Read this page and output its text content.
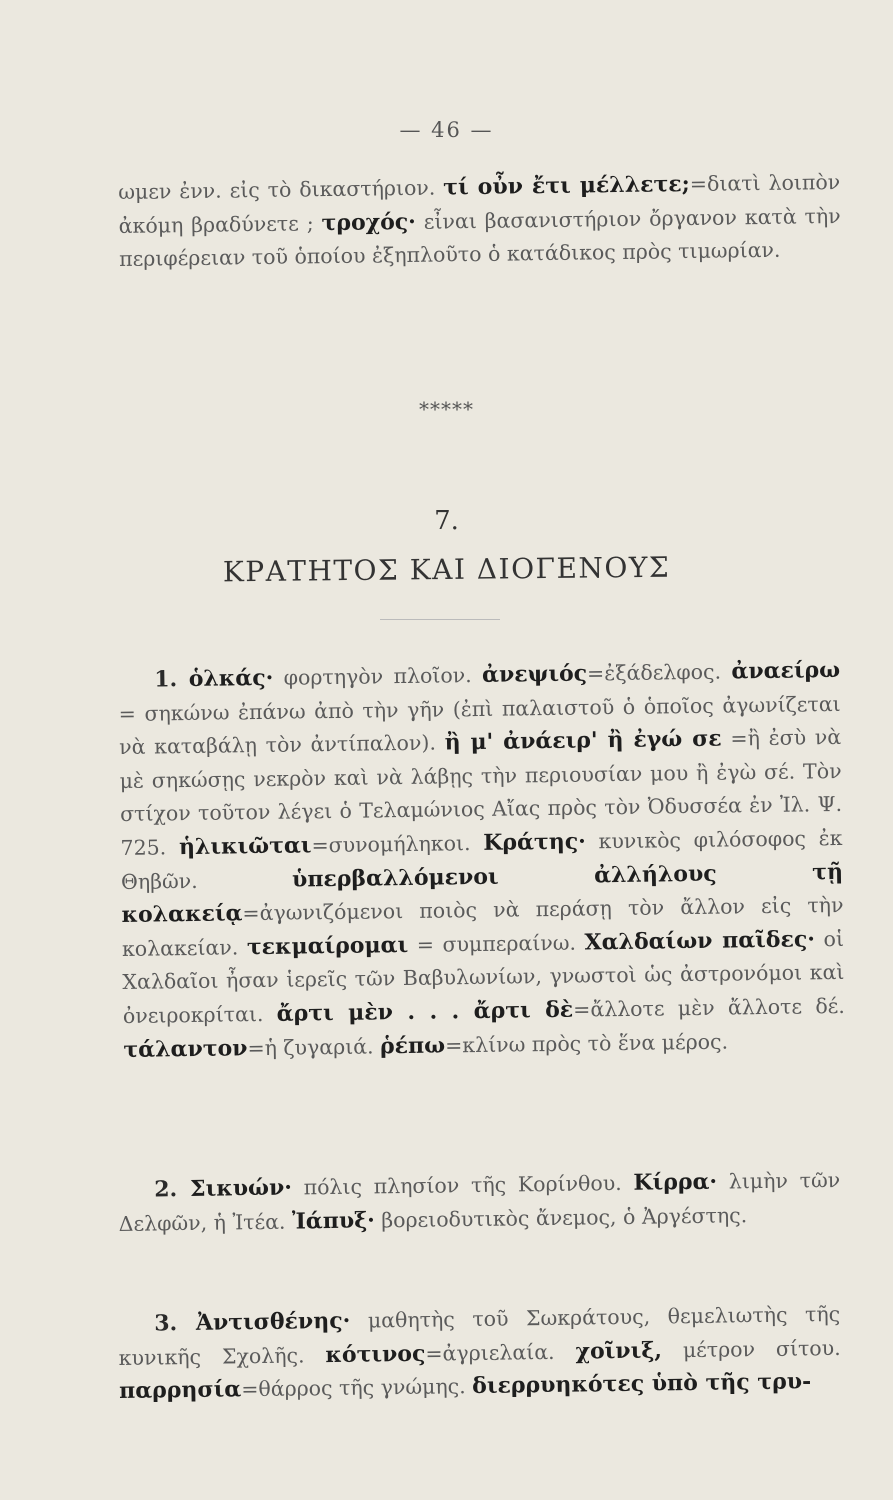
— 46 —

ωμεν ἐνν. εἰς τὸ δικαστήριον. τί οὖν ἔτι μέλλετε;=διατὶ λοιπὸν ἀκόμη βραδύνετε ; τροχός· εἶναι βασανιστήριον ὄργανον κατὰ τὴν περιφέρειαν τοῦ ὁποίου ἐξηπλοῦτο ὁ κατάδικος πρὸς τιμωρίαν.

*****
7.
ΚΡΑΤΗΤΟΣ ΚΑΙ ΔΙΟΓΕΝΟΥΣ

1. ὁλκάς· φορτηγὸν πλοῖον. ἀνεψιός=ἐξάδελφος. ἀναείρω = σηκώνω ἐπάνω ἀπὸ τὴν γῆν (ἐπὶ παλαιστοῦ ὁ ὁποῖος ἀγωνίζεται νὰ καταβάλῃ τὸν ἀντίπαλον). ἢ μ' ἀνάειρ' ἢ ἐγώ σε =ἢ ἐσὺ νὰ μὲ σηκώσῃς νεκρὸν καὶ νὰ λάβῃς τὴν περιουσίαν μου ἢ ἐγὼ σέ. Τὸν στίχον τοῦτον λέγει ὁ Τελαμώνιος Αἴας πρὸς τὸν Ὀδυσσέα ἐν Ἰλ. Ψ. 725. ἡλικιῶται=συνομήληκοι. Κράτης· κυνικὸς φιλόσοφος ἐκ Θηβῶν. ὑπερβαλλόμενοι ἀλλήλους τῇ κολακείᾳ=ἀγωνιζόμενοι ποιὸς νὰ περάσῃ τὸν ἄλλον εἰς τὴν κολακείαν. τεκμαίρομαι = συμπεραίνω. Χαλδαίων παῖδες· οἱ Χαλδαῖοι ἦσαν ἱερεῖς τῶν Βαβυλωνίων, γνωστοὶ ὡς ἀστρονόμοι καὶ ὀνειροκρίται. ἄρτι μὲν . . . ἄρτι δὲ=ἄλλοτε μὲν ἄλλοτε δέ. τάλαντον=ἡ ζυγαριά. ῥέπω=κλίνω πρὸς τὸ ἕνα μέρος.

2. Σικυών· πόλις πλησίον τῆς Κορίνθου. Κίρρα· λιμὴν τῶν Δελφῶν, ἡ Ἰτέα. Ἰάπυξ· βορειοδυτικὸς ἄνεμος, ὁ Ἀργέστης.

3. Ἀντισθένης· μαθητὴς τοῦ Σωκράτους, θεμελιωτὴς τῆς κυνικῆς Σχολῆς. κότινος=ἀγριελαία. χοῖνιξ, μέτρον σίτου. παρρησία=θάρρος τῆς γνώμης. διερρυηκότες ὑπὸ τῆς τρυ-
